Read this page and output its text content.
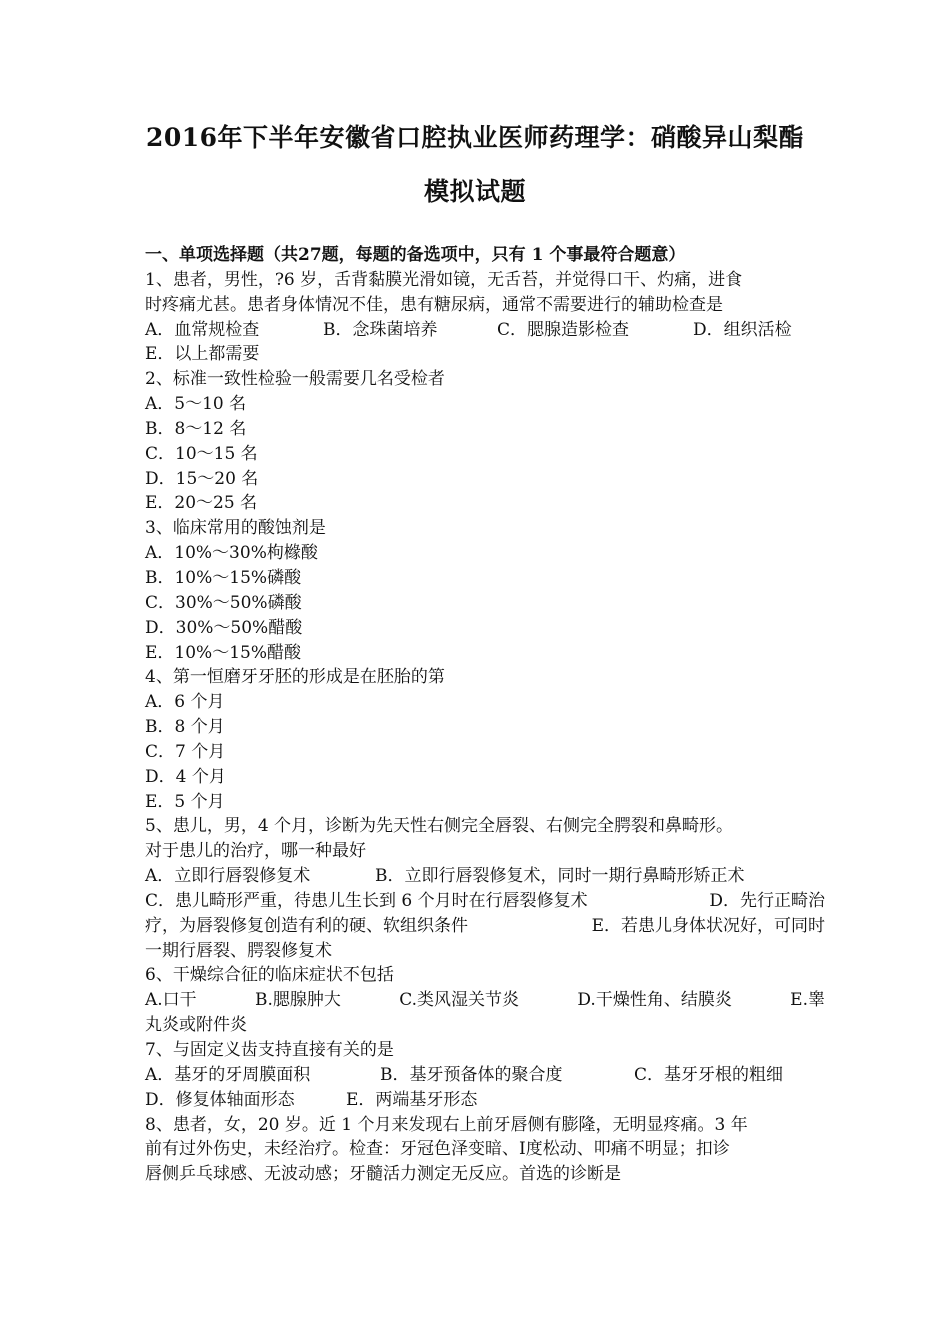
2016年下半年安徽省口腔执业医师药理学：硝酸异山梨酯
模拟试题
一、单项选择题（共27题，每题的备选项中，只有 1 个事最符合题意）
1、患者，男性，?6 岁，舌背黏膜光滑如镜，无舌苔，并觉得口干、灼痛，进食
时疼痛尤甚。患者身体情况不佳，患有糖尿病，通常不需要进行的辅助检查是
A．血常规检查	B．念珠菌培养	C．腮腺造影检查	D．组织活检
E．以上都需要
2、标准一致性检验一般需要几名受检者
A．5～10 名
B．8～12 名
C．10～15 名
D．15～20 名
E．20～25 名
3、临床常用的酸蚀剂是
A．10%～30%枸橼酸
B．10%～15%磷酸
C．30%～50%磷酸
D．30%～50%醋酸
E．10%～15%醋酸
4、第一恒磨牙牙胚的形成是在胚胎的第
A．6 个月
B．8 个月
C．7 个月
D．4 个月
E．5 个月
5、患儿，男，4 个月，诊断为先天性右侧完全唇裂、右侧完全腭裂和鼻畸形。
对于患儿的治疗，哪一种最好
A．立即行唇裂修复术	B．立即行唇裂修复术，同时一期行鼻畸形矫正术
C．患儿畸形严重，待患儿生长到 6 个月时在行唇裂修复术	D．先行正畸治
疗，为唇裂修复创造有利的硬、软组织条件	E．若患儿身体状况好，可同时
一期行唇裂、腭裂修复术
6、干燥综合征的临床症状不包括
A.口干	B.腮腺肿大	C.类风湿关节炎	D.干燥性角、结膜炎	E.睾
丸炎或附件炎
7、与固定义齿支持直接有关的是
A．基牙的牙周膜面积	B．基牙预备体的聚合度	C．基牙牙根的粗细
D．修复体轴面形态	E．两端基牙形态
8、患者，女，20 岁。近 1 个月来发现右上前牙唇侧有膨隆，无明显疼痛。3 年
前有过外伤史，未经治疗。检查：牙冠色泽变暗、Ⅰ度松动、叩痛不明显；扣诊
唇侧乒乓球感、无波动感；牙髓活力测定无反应。首选的诊断是
